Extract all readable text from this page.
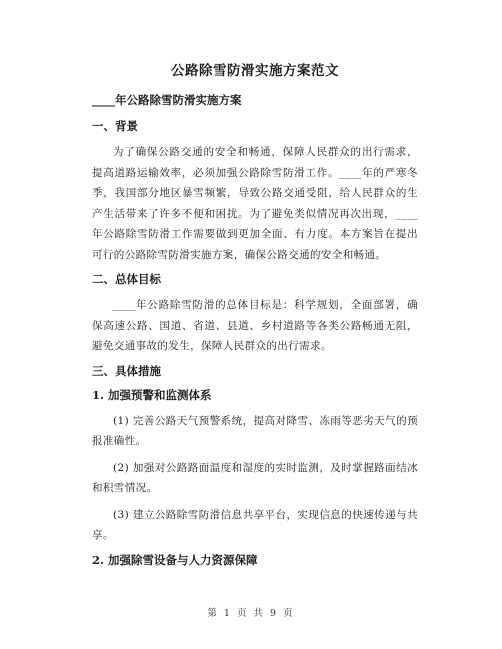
公路除雪防滑实施方案范文
____年公路除雪防滑实施方案
一、背景

为了确保公路交通的安全和畅通，保障人民群众的出行需求，提高道路运输效率，必须加强公路除雪防滑工作。____年的严寒冬季，我国部分地区暴雪频繁，导致公路交通受阻，给人民群众的生产生活带来了许多不便和困扰。为了避免类似情况再次出现，____年公路除雪防滑工作需要做到更加全面、有力度。本方案旨在提出可行的公路除雪防滑实施方案，确保公路交通的安全和畅通。

二、总体目标

____年公路除雪防滑的总体目标是：科学规划，全面部署，确保高速公路、国道、省道、县道、乡村道路等各类公路畅通无阻，避免交通事故的发生，保障人民群众的出行需求。

三、具体措施
1. 加强预警和监测体系

(1) 完善公路天气预警系统，提高对降雪、冻雨等恶劣天气的预报准确性。

(2) 加强对公路路面温度和湿度的实时监测，及时掌握路面结冰和积雪情况。

(3) 建立公路除雪防滑信息共享平台，实现信息的快速传递与共享。

2. 加强除雪设备与人力资源保障
第 1 页 共 9 页
